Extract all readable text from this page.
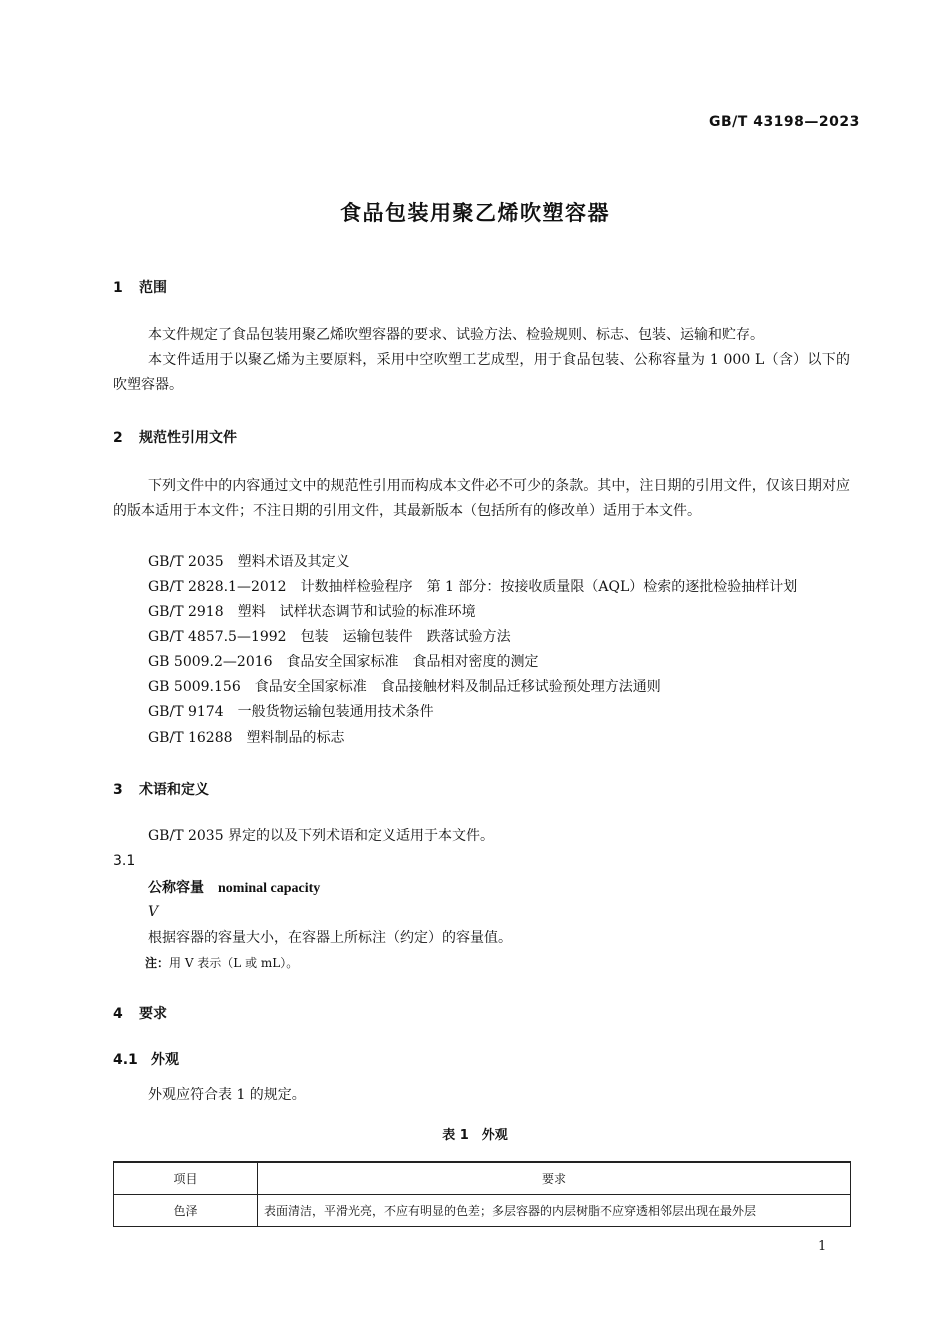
GB/T 43198—2023
食品包装用聚乙烯吹塑容器
1 范围
本文件规定了食品包装用聚乙烯吹塑容器的要求、试验方法、检验规则、标志、包装、运输和贮存。
本文件适用于以聚乙烯为主要原料，采用中空吹塑工艺成型，用于食品包装、公称容量为 1 000 L（含）以下的吹塑容器。
2 规范性引用文件
下列文件中的内容通过文中的规范性引用而构成本文件必不可少的条款。其中，注日期的引用文件，仅该日期对应的版本适用于本文件；不注日期的引用文件，其最新版本（包括所有的修改单）适用于本文件。
GB/T 2035 塑料术语及其定义
GB/T 2828.1—2012 计数抽样检验程序　第 1 部分：按接收质量限（AQL）检索的逐批检验抽样计划
GB/T 2918 塑料　试样状态调节和试验的标准环境
GB/T 4857.5—1992 包装　运输包装件　跌落试验方法
GB 5009.2—2016 食品安全国家标准　食品相对密度的测定
GB 5009.156 食品安全国家标准　食品接触材料及制品迁移试验预处理方法通则
GB/T 9174 一般货物运输包装通用技术条件
GB/T 16288 塑料制品的标志
3 术语和定义
GB/T 2035 界定的以及下列术语和定义适用于本文件。
3.1
公称容量 nominal capacity
V
根据容器的容量大小，在容器上所标注（约定）的容量值。
注：用 V 表示（L 或 mL）。
4 要求
4.1 外观
外观应符合表 1 的规定。
表 1　外观
项目	要求
色泽	表面清洁，平滑光亮，不应有明显的色差；多层容器的内层树脂不应穿透相邻层出现在最外层
1
